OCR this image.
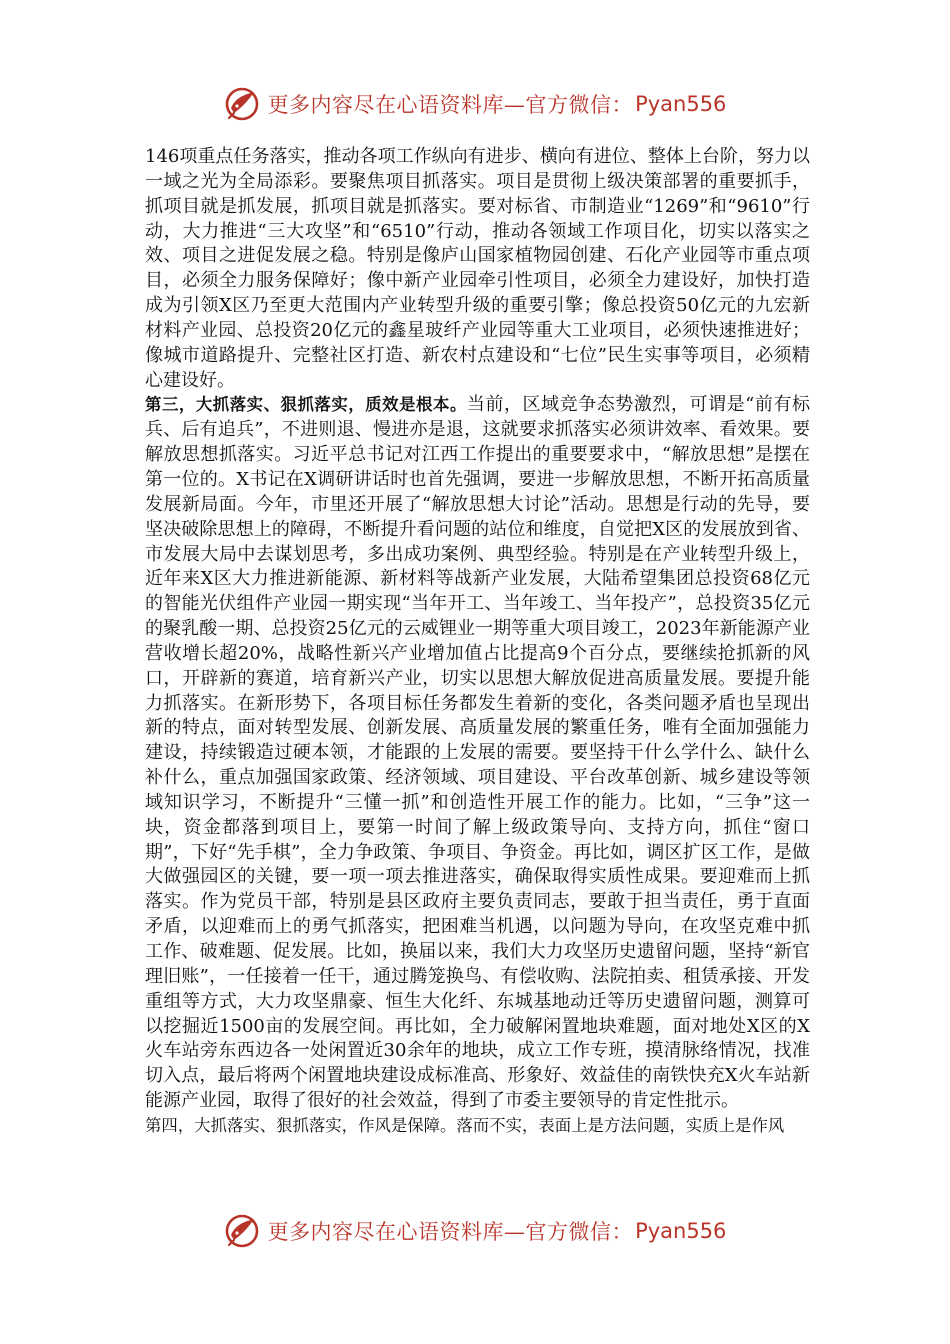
更多内容尽在心语资料库—官方微信： Pyan556

146项重点任务落实，推动各项工作纵向有进步、横向有进位、整体上台阶，努力以一域之光为全局添彩。要聚焦项目抓落实。项目是贯彻上级决策部署的重要抓手，抓项目就是抓发展，抓项目就是抓落实。要对标省、市制造业“1269”和“9610”行动，大力推进“三大攻坚”和“6510”行动，推动各领域工作项目化，切实以落实之效、项目之进促发展之稳。特别是像庐山国家植物园创建、石化产业园等市重点项目，必须全力服务保障好；像中新产业园牵引性项目，必须全力建设好，加快打造成为引领X区乃至更大范围内产业转型升级的重要引擎；像总投资50亿元的九宏新材料产业园、总投资20亿元的鑫星玻纤产业园等重大工业项目，必须快速推进好；像城市道路提升、完整社区打造、新农村点建设和“七位”民生实事等项目，必须精心建设好。

第三，大抓落实、狠抓落实，质效是根本。当前，区域竞争态势激烈，可谓是“前有标兵、后有追兵”，不进则退、慢进亦是退，这就要求抓落实必须讲效率、看效果。要解放思想抓落实。习近平总书记对江西工作提出的重要要求中，“解放思想”是摆在第一位的。X书记在X调研讲话时也首先强调，要进一步解放思想，不断开拓高质量发展新局面。今年，市里还开展了“解放思想大讨论”活动。思想是行动的先导，要坚决破除思想上的障碍，不断提升看问题的站位和维度，自觉把X区的发展放到省、市发展大局中去谋划思考，多出成功案例、典型经验。特别是在产业转型升级上，近年来X区大力推进新能源、新材料等战新产业发展，大陆希望集团总投资68亿元的智能光伏组件产业园一期实现“当年开工、当年竣工、当年投产”，总投资35亿元的聚乳酸一期、总投资25亿元的云威锂业一期等重大项目竣工，2023年新能源产业营收增长超20%，战略性新兴产业增加值占比提高9个百分点，要继续抢抓新的风口，开辟新的赛道，培育新兴产业，切实以思想大解放促进高质量发展。要提升能力抓落实。在新形势下，各项目标任务都发生着新的变化，各类问题矛盾也呈现出新的特点，面对转型发展、创新发展、高质量发展的繁重任务，唯有全面加强能力建设，持续锻造过硬本领，才能跟的上发展的需要。要坚持干什么学什么、缺什么补什么，重点加强国家政策、经济领域、项目建设、平台改革创新、城乡建设等领域知识学习，不断提升“三懂一抓”和创造性开展工作的能力。比如，“三争”这一块，资金都落到项目上，要第一时间了解上级政策导向、支持方向，抓住“窗口期”，下好“先手棋”，全力争政策、争项目、争资金。再比如，调区扩区工作，是做大做强园区的关键，要一项一项去推进落实，确保取得实质性成果。要迎难而上抓落实。作为党员干部，特别是县区政府主要负责同志，要敢于担当责任，勇于直面矛盾，以迎难而上的勇气抓落实，把困难当机遇，以问题为导向，在攻坚克难中抓工作、破难题、促发展。比如，换届以来，我们大力攻坚历史遗留问题，坚持“新官理旧账”，一任接着一任干，通过腾笼换鸟、有偿收购、法院拍卖、租赁承接、开发重组等方式，大力攻坚鼎豪、恒生大化纤、东城基地动迁等历史遗留问题，测算可以挖掘近1500亩的发展空间。再比如，全力破解闲置地块难题，面对地处X区的X火车站旁东西边各一处闲置近30余年的地块，成立工作专班，摸清脉络情况，找准切入点，最后将两个闲置地块建设成标准高、形象好、效益佳的南铁快充X火车站新能源产业园，取得了很好的社会效益，得到了市委主要领导的肯定性批示。

第四，大抓落实、狠抓落实，作风是保障。落而不实，表面上是方法问题，实质上是作风

更多内容尽在心语资料库—官方微信： Pyan556
